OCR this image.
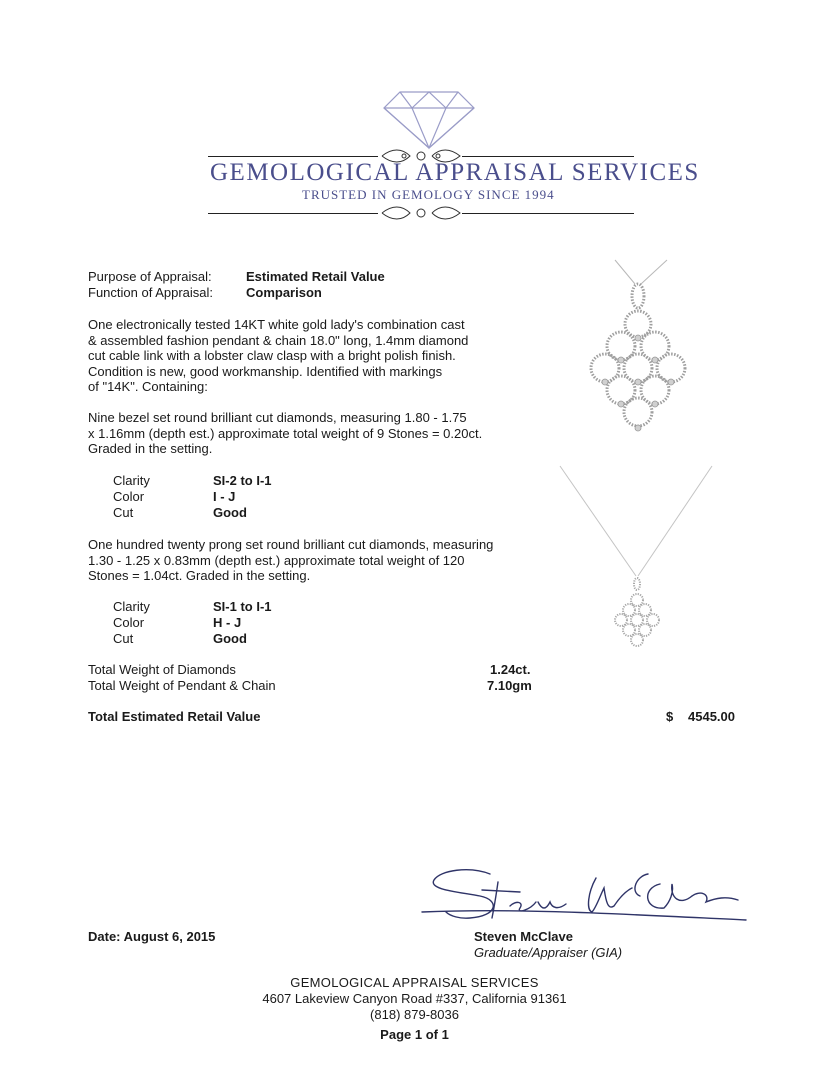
GEMOLOGICAL APPRAISAL SERVICES
TRUSTED IN GEMOLOGY SINCE 1994
Purpose of Appraisal:	Estimated Retail Value
Function of Appraisal:	Comparison
One electronically tested 14KT white gold lady's combination cast
& assembled fashion pendant & chain 18.0" long, 1.4mm diamond
cut cable link with a lobster claw clasp with a bright polish finish.
Condition is new, good workmanship. Identified with markings
of "14K". Containing:
Nine bezel set round brilliant cut diamonds, measuring 1.80 - 1.75
x 1.16mm (depth est.) approximate total weight of 9 Stones = 0.20ct.
Graded in the setting.
Clarity	SI-2 to I-1
Color	I - J
Cut	Good
One hundred twenty prong set round brilliant cut diamonds, measuring
1.30 - 1.25 x 0.83mm (depth est.) approximate total weight of 120
Stones = 1.04ct. Graded in the setting.
Clarity	SI-1 to I-1
Color	H - J
Cut	Good
Total Weight of Diamonds	1.24ct.
Total Weight of Pendant & Chain	7.10gm
Total Estimated Retail Value	$ 4545.00
Date: August 6, 2015	Steven McClave
Graduate/Appraiser (GIA)
GEMOLOGICAL APPRAISAL SERVICES
4607 Lakeview Canyon Road #337, California 91361
(818) 879-8036
Page 1 of 1
